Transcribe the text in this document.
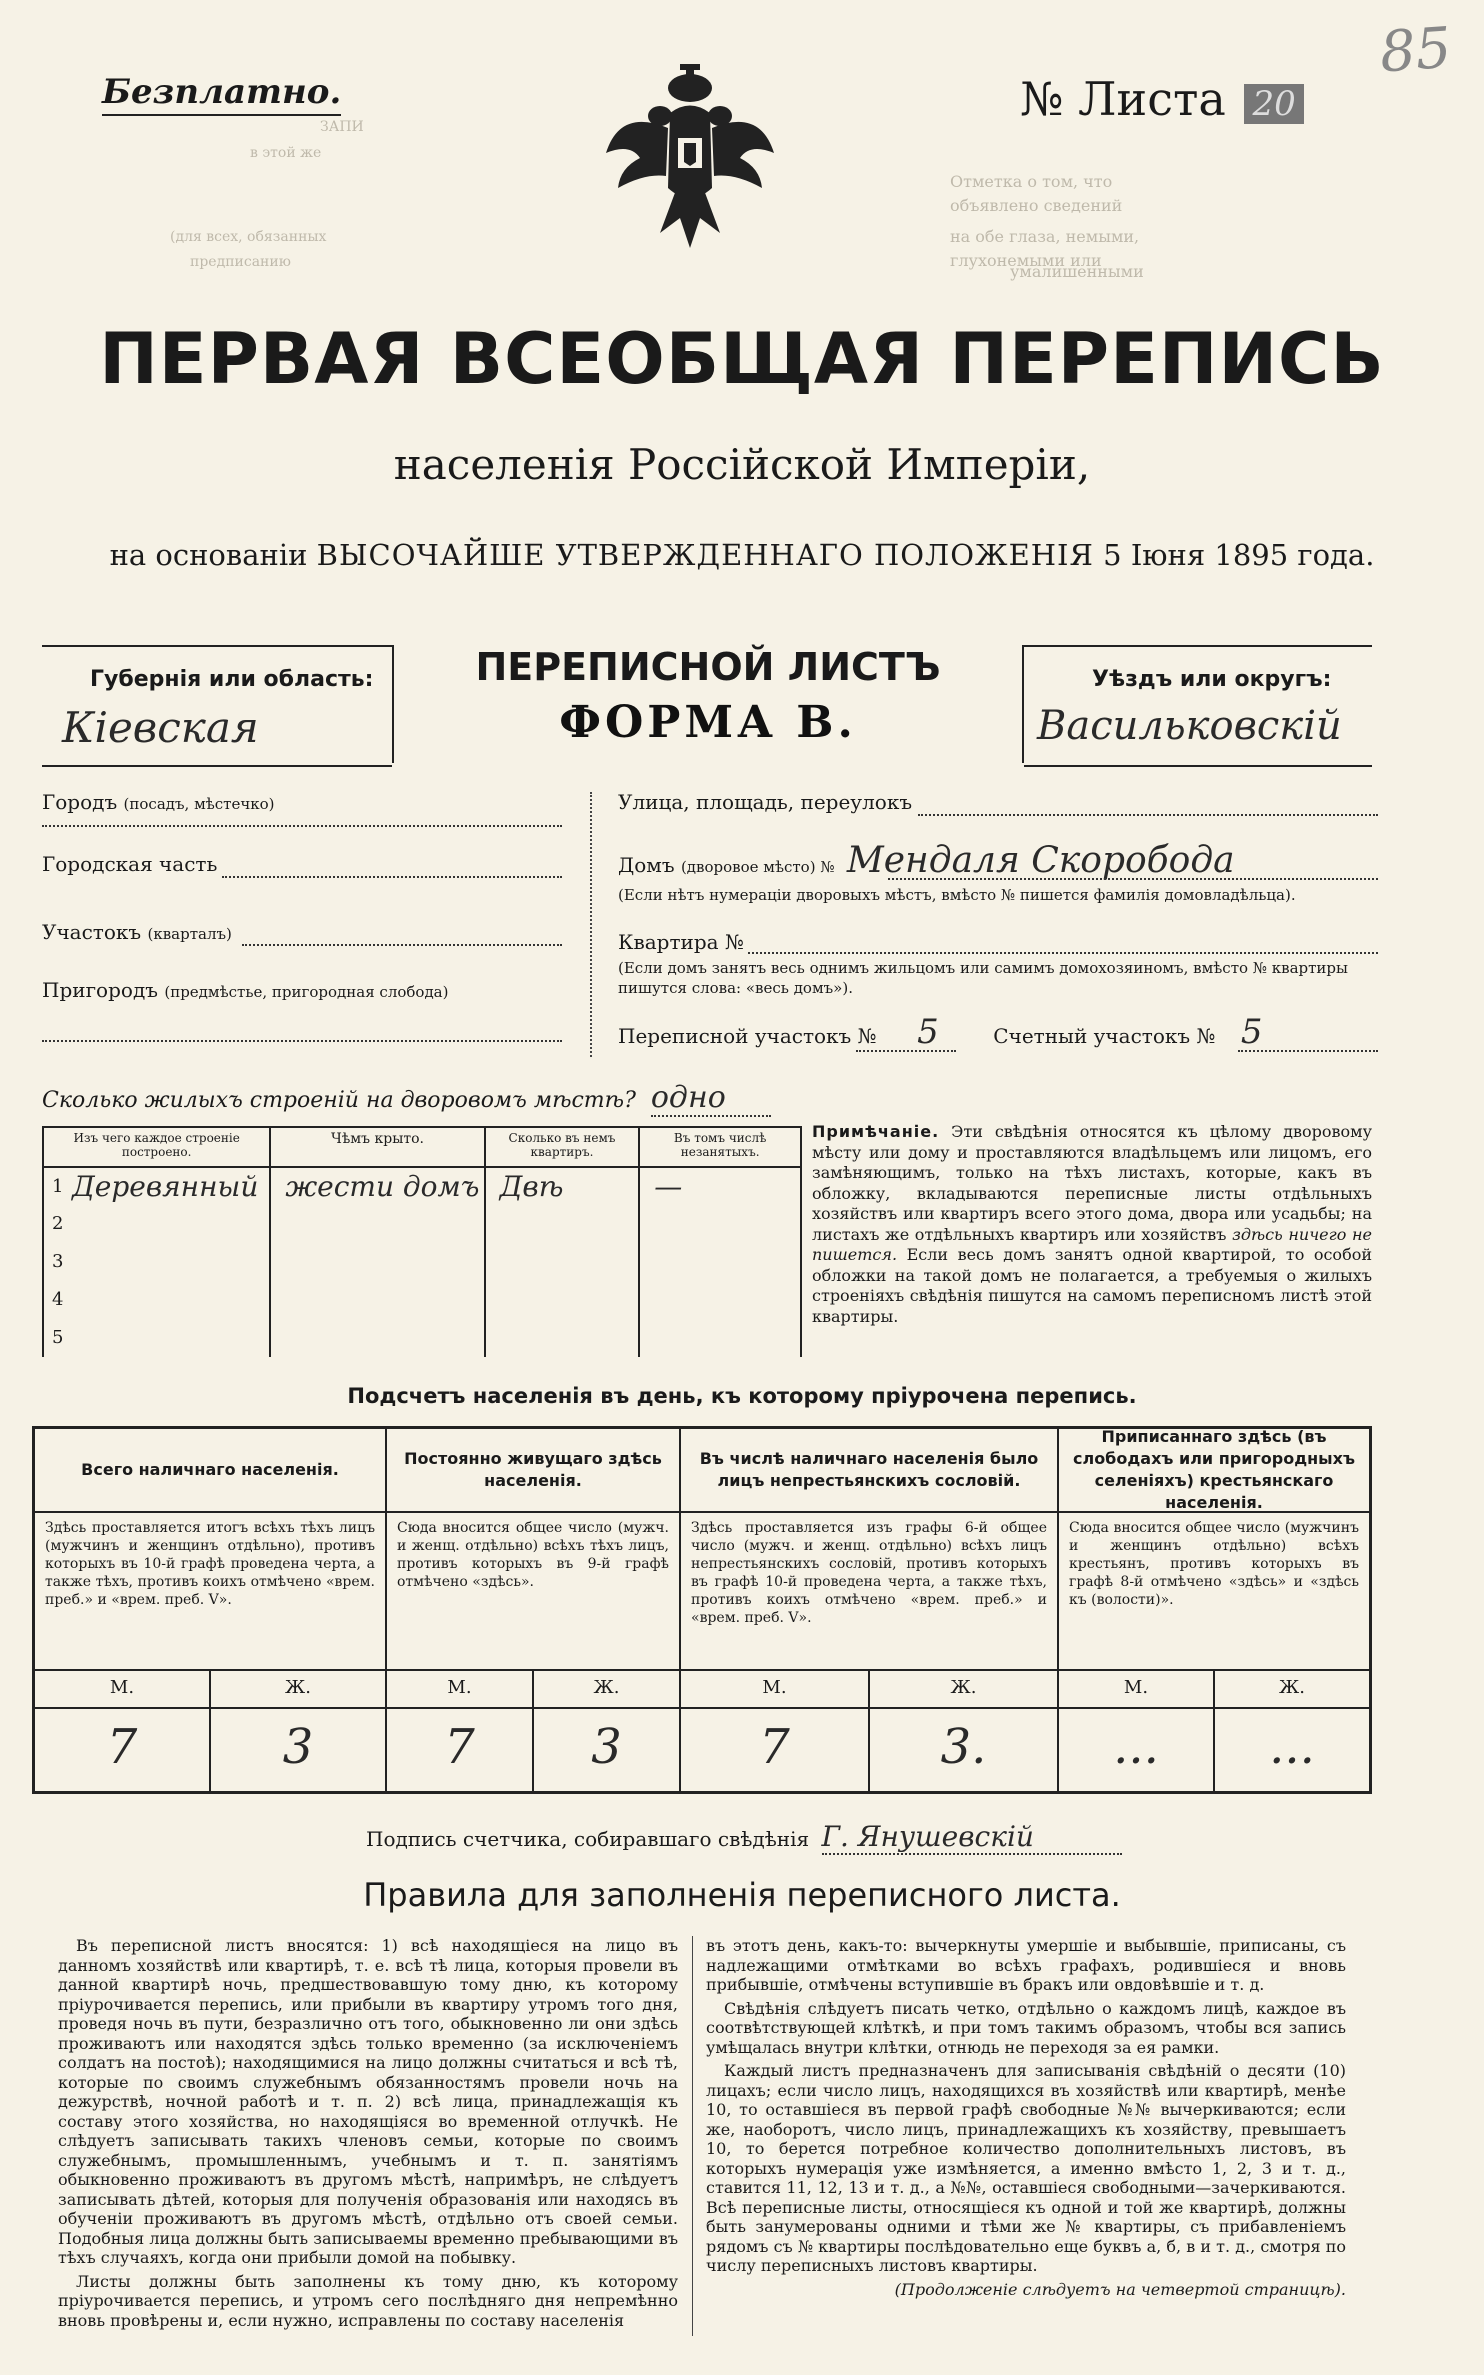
85
ЗАПИ
в этой же
(для всех, обязанных
предписанию
Отметка о том, что объявлено сведений
на обе глаза, немыми, глухонемыми или
умалишенными
Безплатно.	№ Листа 20
ПЕРВАЯ ВСЕОБЩАЯ ПЕРЕПИСЬ
населенія Россійской Имперіи,
на основаніи ВЫСОЧАЙШЕ УТВЕРЖДЕННАГО ПОЛОЖЕНІЯ 5 Іюня 1895 года.
Губернія или область:
Кіевская
ПЕРЕПИСНОЙ ЛИСТЪ
ФОРМА В.
Уѣздъ или округъ:
Васильковскій
Городъ (посадъ, мѣстечко)
Городская часть
Участокъ (кварталъ)
Пригородъ (предмѣстье, пригородная слобода)
Улица, площадь, переулокъ
Домъ (дворовое мѣсто) № Мендаля Скоробода
(Если нѣтъ нумераціи дворовыхъ мѣстъ, вмѣсто № пишется фамилія домовладѣльца).
Квартира №
(Если домъ занятъ весь однимъ жильцомъ или самимъ домохозяиномъ, вмѣсто № квартиры пишутся слова: «весь домъ»).
Переписной участокъ № 5	Счетный участокъ № 5
Сколько жилыхъ строеній на дворовомъ мѣстѣ? одно
Изъ чего каждое строеніе построено.	Чѣмъ крыто.	Сколько въ немъ квартиръ.	Въ томъ числѣ незанятыхъ.

1 Деревянный	жести домъ	Двѣ	—

2			

3			

4			

5			

Примѣчаніе. Эти свѣдѣнія относятся къ цѣлому дворовому мѣсту или дому и проставляются владѣльцемъ или лицомъ, его замѣняющимъ, только на тѣхъ листахъ, которые, какъ въ обложку, вкладываются переписные листы отдѣльныхъ хозяйствъ или квартиръ всего этого дома, двора или усадьбы; на листахъ же отдѣльныхъ квартиръ или хозяйствъ здѣсь ничего не пишется. Если весь домъ занятъ одной квартирой, то особой обложки на такой домъ не полагается, а требуемыя о жилыхъ строеніяхъ свѣдѣнія пишутся на самомъ переписномъ листѣ этой квартиры.
Подсчетъ населенія въ день, къ которому пріурочена перепись.
Всего наличнаго населенія.
Здѣсь проставляется итогъ всѣхъ тѣхъ лицъ (мужчинъ и женщинъ отдѣльно), противъ которыхъ въ 10-й графѣ проведена черта, а также тѣхъ, противъ коихъ отмѣчено «врем. преб.» и «врем. преб. V».
М.	Ж.
7	3
Постоянно живущаго здѣсь населенія.
Сюда вносится общее число (мужч. и женщ. отдѣльно) всѣхъ тѣхъ лицъ, противъ которыхъ въ 9-й графѣ отмѣчено «здѣсь».
М.	Ж.
7	3
Въ числѣ наличнаго населенія было лицъ непрестьянскихъ сословій.
Здѣсь проставляется изъ графы 6-й общее число (мужч. и женщ. отдѣльно) всѣхъ лицъ непрестьянскихъ сословій, противъ которыхъ въ графѣ 10-й проведена черта, а также тѣхъ, противъ коихъ отмѣчено «врем. преб.» и «врем. преб. V».
М.	Ж.
7	3.
Приписаннаго здѣсь (въ слободахъ или пригородныхъ селеніяхъ) крестьянскаго населенія.
Сюда вносится общее число (мужчинъ и женщинъ отдѣльно) всѣхъ крестьянъ, противъ которыхъ въ графѣ 8-й отмѣчено «здѣсь» и «здѣсь къ (волости)».
М.	Ж.
...	...
Подпись счетчика, собиравшаго свѣдѣнія Г. Янушевскій
Правила для заполненія переписного листа.

Въ переписной листъ вносятся: 1) всѣ находящіеся на лицо въ данномъ хозяйствѣ или квартирѣ, т. е. всѣ тѣ лица, которыя провели въ данной квартирѣ ночь, предшествовавшую тому дню, къ которому пріурочивается перепись, или прибыли въ квартиру утромъ того дня, проведя ночь въ пути, безразлично отъ того, обыкновенно ли они здѣсь проживаютъ или находятся здѣсь только временно (за исключеніемъ солдатъ на постоѣ); находящимися на лицо должны считаться и всѣ тѣ, которые по своимъ служебнымъ обязанностямъ провели ночь на дежурствѣ, ночной работѣ и т. п. 2) всѣ лица, принадлежащія къ составу этого хозяйства, но находящіяся во временной отлучкѣ. Не слѣдуетъ записывать такихъ членовъ семьи, которые по своимъ служебнымъ, промышленнымъ, учебнымъ и т. п. занятіямъ обыкновенно проживаютъ въ другомъ мѣстѣ, напримѣръ, не слѣдуетъ записывать дѣтей, которыя для полученія образованія или находясь въ обученіи проживаютъ въ другомъ мѣстѣ, отдѣльно отъ своей семьи. Подобныя лица должны быть записываемы временно пребывающими въ тѣхъ случаяхъ, когда они прибыли домой на побывку.

Листы должны быть заполнены къ тому дню, къ которому пріурочивается перепись, и утромъ сего послѣдняго дня непремѣнно вновь провѣрены и, если нужно, исправлены по составу населенія

въ этотъ день, какъ-то: вычеркнуты умершіе и выбывшіе, приписаны, съ надлежащими отмѣтками во всѣхъ графахъ, родившіеся и вновь прибывшіе, отмѣчены вступившіе въ бракъ или овдовѣвшіе и т. д.

Свѣдѣнія слѣдуетъ писать четко, отдѣльно о каждомъ лицѣ, каждое въ соотвѣтствующей клѣткѣ, и при томъ такимъ образомъ, чтобы вся запись умѣщалась внутри клѣтки, отнюдь не переходя за ея рамки.

Каждый листъ предназначенъ для записыванія свѣдѣній о десяти (10) лицахъ; если число лицъ, находящихся въ хозяйствѣ или квартирѣ, менѣе 10, то оставшіеся въ первой графѣ свободные №№ вычеркиваются; если же, наоборотъ, число лицъ, принадлежащихъ къ хозяйству, превышаетъ 10, то берется потребное количество дополнительныхъ листовъ, въ которыхъ нумерація уже измѣняется, а именно вмѣсто 1, 2, 3 и т. д., ставится 11, 12, 13 и т. д., а №№, оставшіеся свободными—зачеркиваются. Всѣ переписные листы, относящіеся къ одной и той же квартирѣ, должны быть занумерованы одними и тѣми же № квартиры, съ прибавленіемъ рядомъ съ № квартиры послѣдовательно еще буквъ а, б, в и т. д., смотря по числу переписныхъ листовъ квартиры.

(Продолженіе слѣдуетъ на четвертой страницѣ).
